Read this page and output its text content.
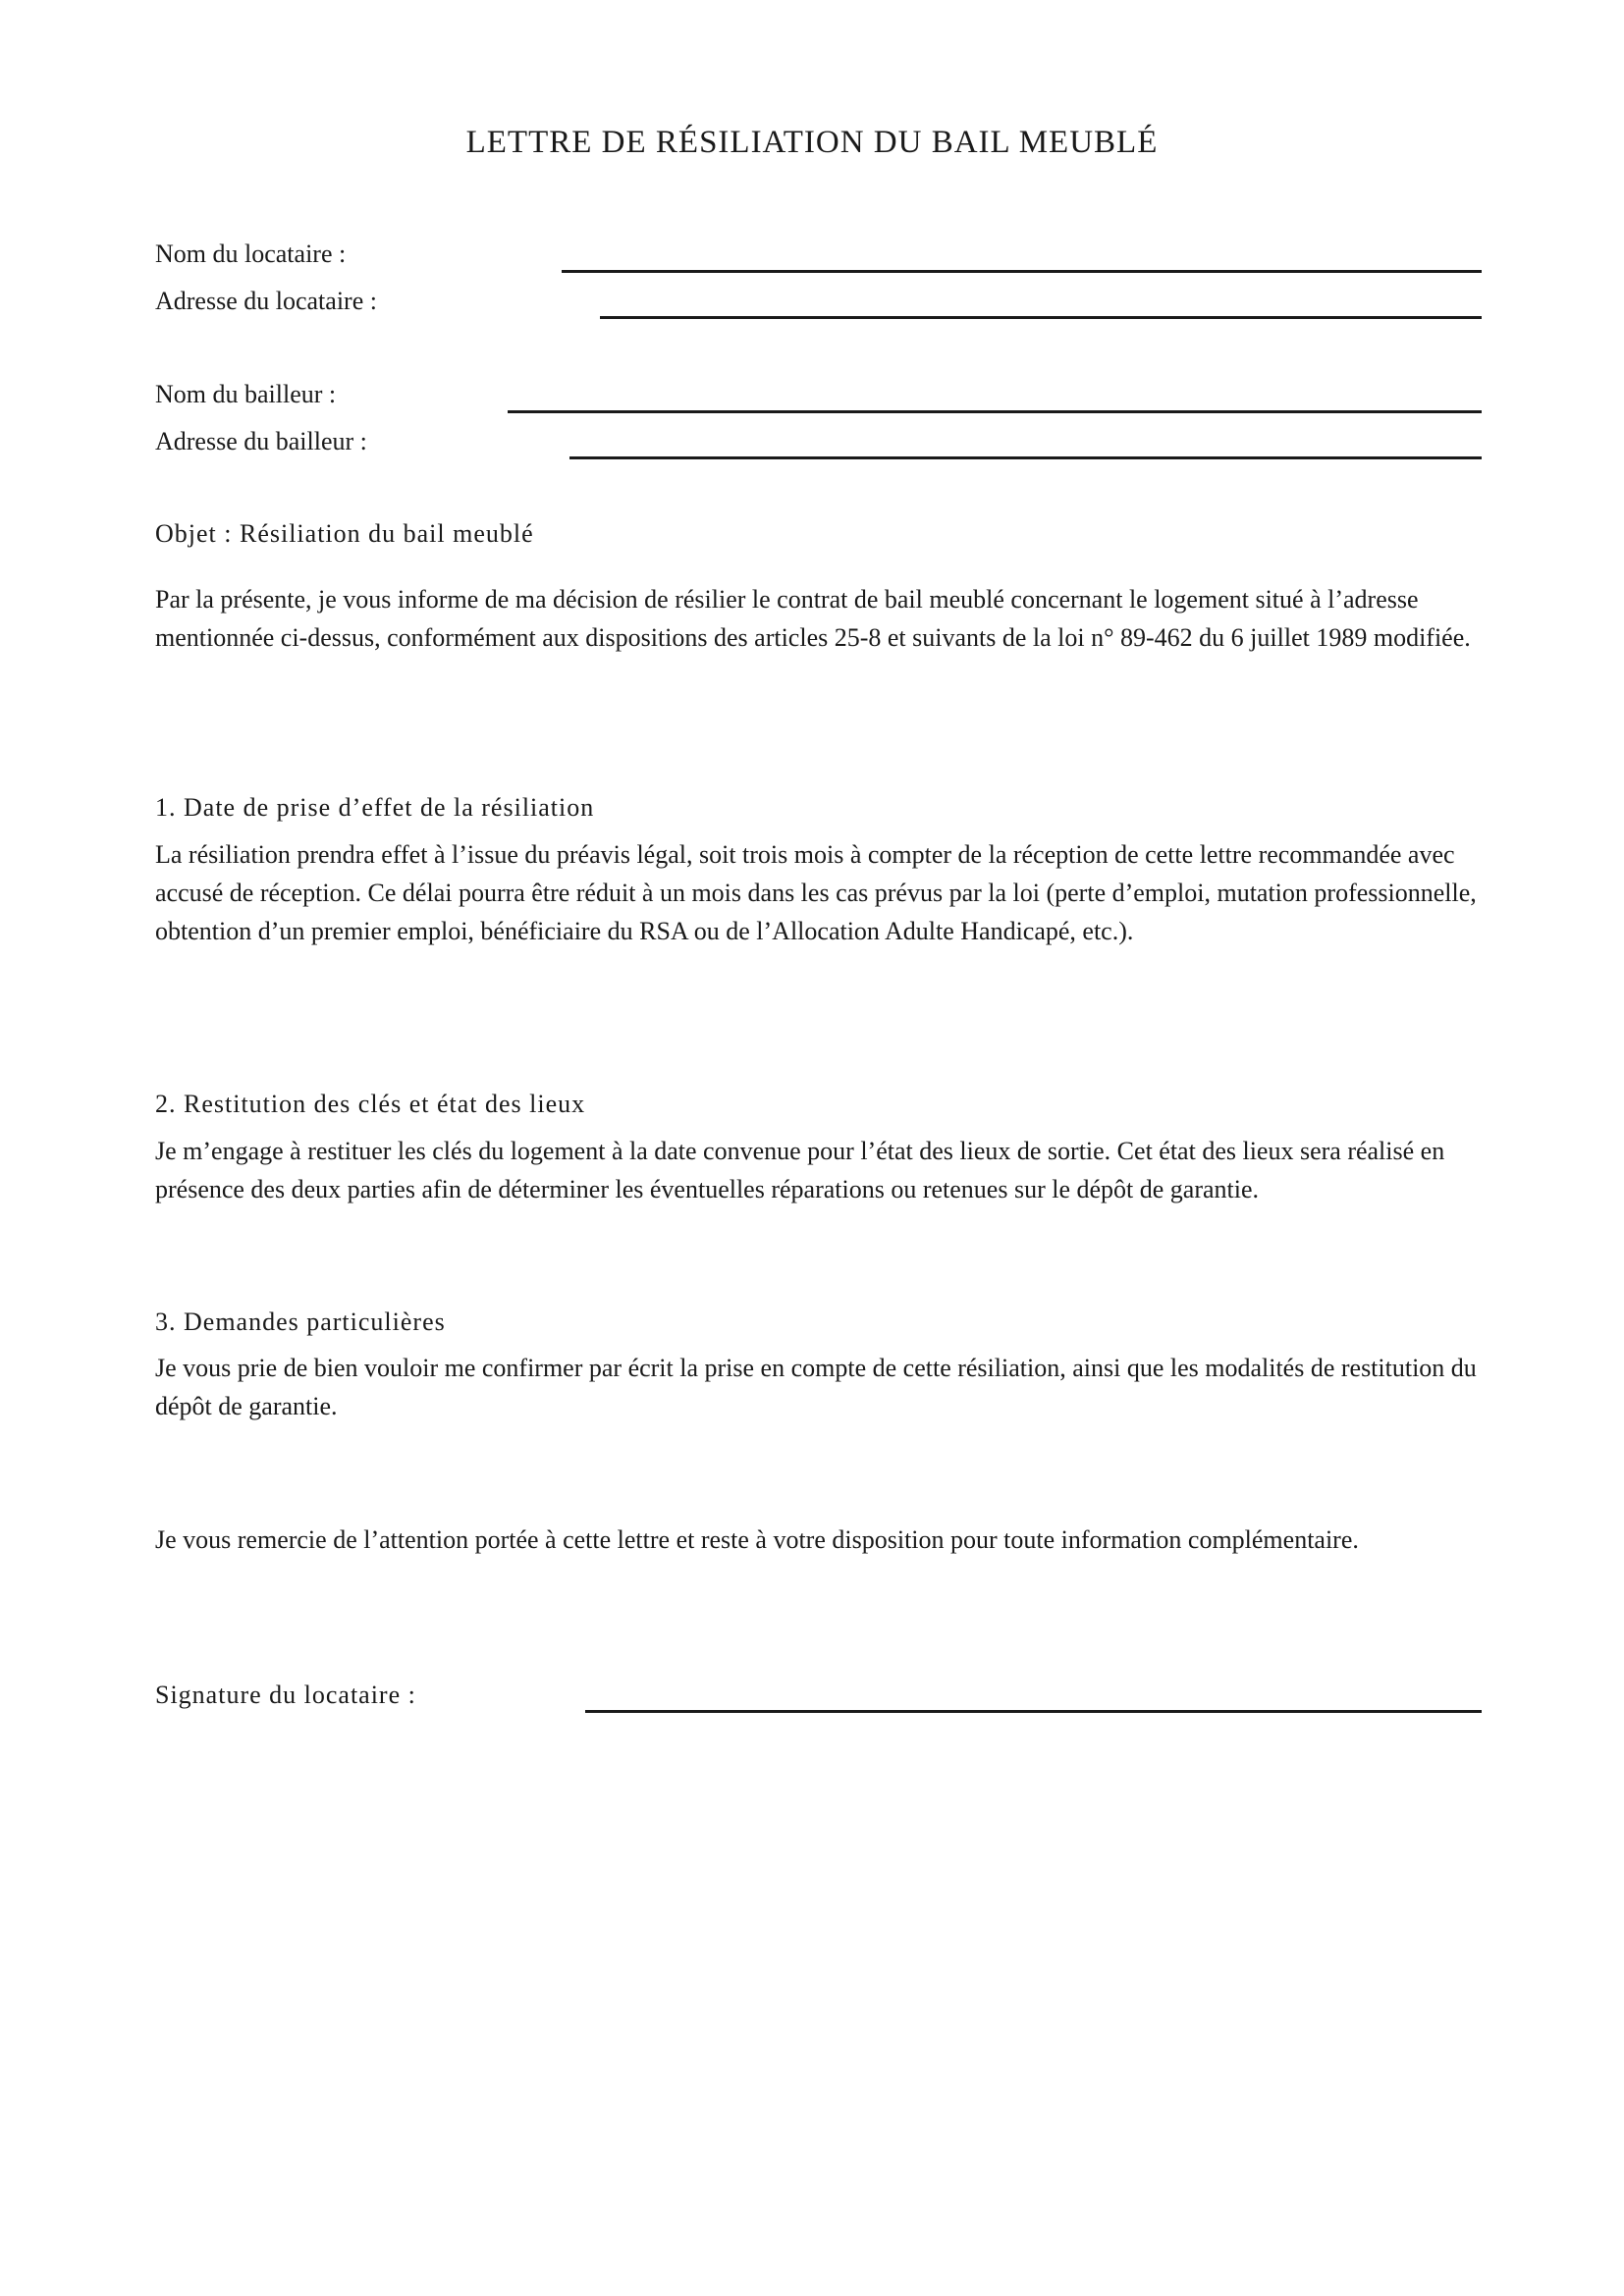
LETTRE DE RÉSILIATION DU BAIL MEUBLÉ
Nom du locataire :
Adresse du locataire :
Nom du bailleur :
Adresse du bailleur :
Objet : Résiliation du bail meublé

Par la présente, je vous informe de ma décision de résilier le contrat de bail meublé concernant le logement situé à l’adresse mentionnée ci-dessus, conformément aux dispositions des articles 25-8 et suivants de la loi n° 89-462 du 6 juillet 1989 modifiée.

1. Date de prise d’effet de la résiliation

La résiliation prendra effet à l’issue du préavis légal, soit trois mois à compter de la réception de cette lettre recommandée avec accusé de réception. Ce délai pourra être réduit à un mois dans les cas prévus par la loi (perte d’emploi, mutation professionnelle, obtention d’un premier emploi, bénéficiaire du RSA ou de l’Allocation Adulte Handicapé, etc.).

2. Restitution des clés et état des lieux

Je m’engage à restituer les clés du logement à la date convenue pour l’état des lieux de sortie. Cet état des lieux sera réalisé en présence des deux parties afin de déterminer les éventuelles réparations ou retenues sur le dépôt de garantie.

3. Demandes particulières

Je vous prie de bien vouloir me confirmer par écrit la prise en compte de cette résiliation, ainsi que les modalités de restitution du dépôt de garantie.

Je vous remercie de l’attention portée à cette lettre et reste à votre disposition pour toute information complémentaire.

Signature du locataire :
